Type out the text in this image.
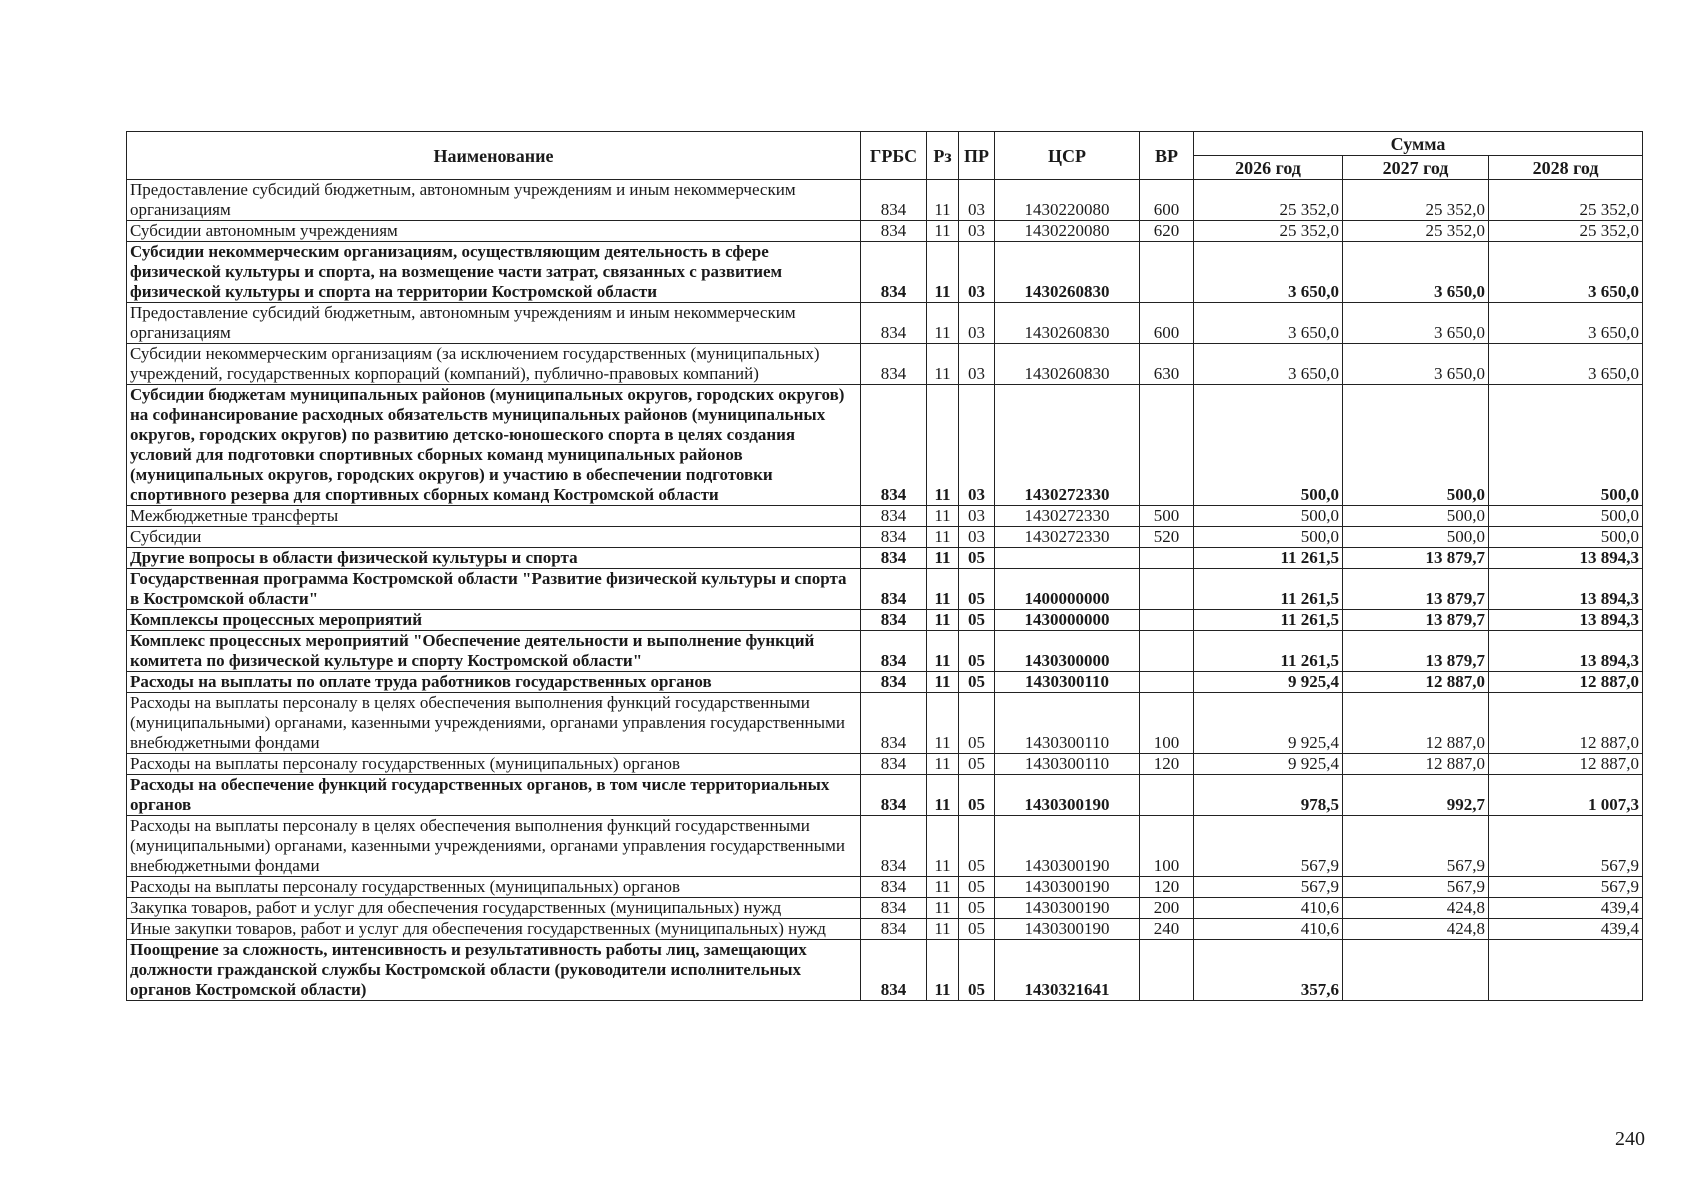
Наименование	ГРБС	Рз	ПР	ЦСР	ВР	Сумма		
						2026 год	2027 год	2028 год
Предоставление субсидий бюджетным, автономным учреждениям и иным некоммерческим организациям	834	11	03	1430220080	600	25 352,0	25 352,0	25 352,0
Субсидии автономным учреждениям	834	11	03	1430220080	620	25 352,0	25 352,0	25 352,0
Субсидии некоммерческим организациям, осуществляющим деятельность в сфере физической культуры и спорта, на возмещение части затрат, связанных с развитием физической культуры и спорта на территории Костромской области	834	11	03	1430260830		3 650,0	3 650,0	3 650,0
Предоставление субсидий бюджетным, автономным учреждениям и иным некоммерческим организациям	834	11	03	1430260830	600	3 650,0	3 650,0	3 650,0
Субсидии некоммерческим организациям (за исключением государственных (муниципальных) учреждений, государственных корпораций (компаний), публично-правовых компаний)	834	11	03	1430260830	630	3 650,0	3 650,0	3 650,0
Субсидии бюджетам муниципальных районов (муниципальных округов, городских округов) на софинансирование расходных обязательств муниципальных районов (муниципальных округов, городских округов) по развитию детско-юношеского спорта в целях создания условий для подготовки спортивных сборных команд муниципальных районов (муниципальных округов, городских округов) и участию в обеспечении подготовки спортивного резерва для спортивных сборных команд Костромской области	834	11	03	1430272330		500,0	500,0	500,0
Межбюджетные трансферты	834	11	03	1430272330	500	500,0	500,0	500,0
Субсидии	834	11	03	1430272330	520	500,0	500,0	500,0
Другие вопросы в области физической культуры и спорта	834	11	05			11 261,5	13 879,7	13 894,3
Государственная программа Костромской области "Развитие физической культуры и спорта в Костромской области"	834	11	05	1400000000		11 261,5	13 879,7	13 894,3
Комплексы процессных мероприятий	834	11	05	1430000000		11 261,5	13 879,7	13 894,3
Комплекс процессных мероприятий "Обеспечение деятельности и выполнение функций комитета по физической культуре и спорту Костромской области"	834	11	05	1430300000		11 261,5	13 879,7	13 894,3
Расходы на выплаты по оплате труда работников государственных органов	834	11	05	1430300110		9 925,4	12 887,0	12 887,0
Расходы на выплаты персоналу в целях обеспечения выполнения функций государственными (муниципальными) органами, казенными учреждениями, органами управления государственными внебюджетными фондами	834	11	05	1430300110	100	9 925,4	12 887,0	12 887,0
Расходы на выплаты персоналу государственных (муниципальных) органов	834	11	05	1430300110	120	9 925,4	12 887,0	12 887,0
Расходы на обеспечение функций государственных органов, в том числе территориальных органов	834	11	05	1430300190		978,5	992,7	1 007,3
Расходы на выплаты персоналу в целях обеспечения выполнения функций государственными (муниципальными) органами, казенными учреждениями, органами управления государственными внебюджетными фондами	834	11	05	1430300190	100	567,9	567,9	567,9
Расходы на выплаты персоналу государственных (муниципальных) органов	834	11	05	1430300190	120	567,9	567,9	567,9
Закупка товаров, работ и услуг для обеспечения государственных (муниципальных) нужд	834	11	05	1430300190	200	410,6	424,8	439,4
Иные закупки товаров, работ и услуг для обеспечения государственных (муниципальных) нужд	834	11	05	1430300190	240	410,6	424,8	439,4
Поощрение за сложность, интенсивность и результативность работы лиц, замещающих должности гражданской службы Костромской области (руководители исполнительных органов Костромской области)	834	11	05	1430321641		357,6		
240
